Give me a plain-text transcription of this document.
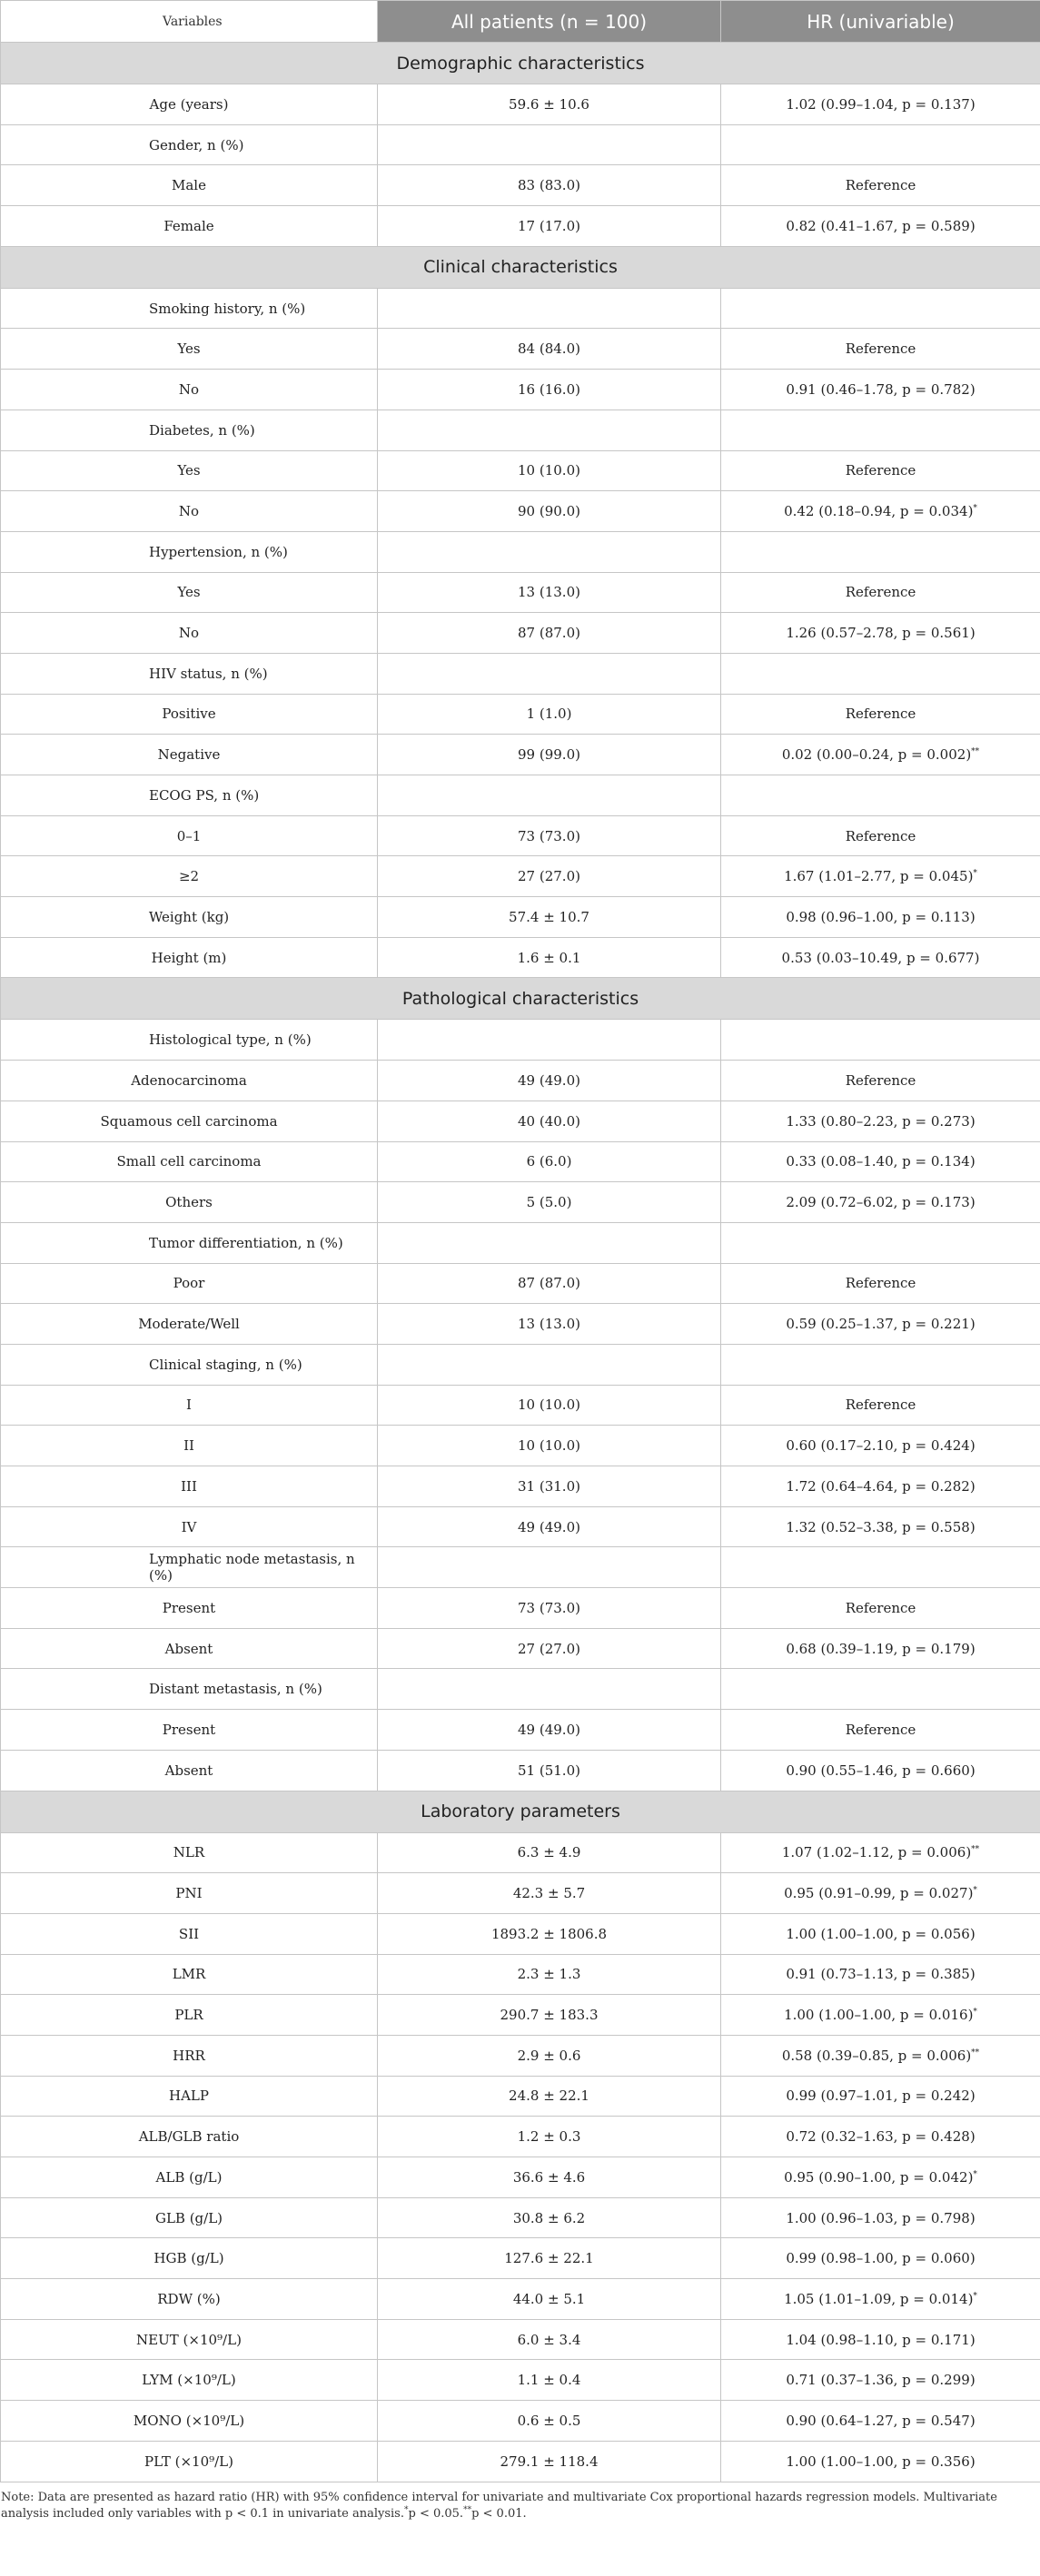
Variables	All patients (n = 100)	HR (univariable)
Demographic characteristics		
Age (years)	59.6 ± 10.6	1.02 (0.99–1.04, p = 0.137)
Gender, n (%)		
Male	83 (83.0)	Reference
Female	17 (17.0)	0.82 (0.41–1.67, p = 0.589)
Clinical characteristics		
Smoking history, n (%)		
Yes	84 (84.0)	Reference
No	16 (16.0)	0.91 (0.46–1.78, p = 0.782)
Diabetes, n (%)		
Yes	10 (10.0)	Reference
No	90 (90.0)	0.42 (0.18–0.94, p = 0.034)*
Hypertension, n (%)		
Yes	13 (13.0)	Reference
No	87 (87.0)	1.26 (0.57–2.78, p = 0.561)
HIV status, n (%)		
Positive	1 (1.0)	Reference
Negative	99 (99.0)	0.02 (0.00–0.24, p = 0.002)**
ECOG PS, n (%)		
0–1	73 (73.0)	Reference
≥2	27 (27.0)	1.67 (1.01–2.77, p = 0.045)*
Weight (kg)	57.4 ± 10.7	0.98 (0.96–1.00, p = 0.113)
Height (m)	1.6 ± 0.1	0.53 (0.03–10.49, p = 0.677)
Pathological characteristics		
Histological type, n (%)		
Adenocarcinoma	49 (49.0)	Reference
Squamous cell carcinoma	40 (40.0)	1.33 (0.80–2.23, p = 0.273)
Small cell carcinoma	6 (6.0)	0.33 (0.08–1.40, p = 0.134)
Others	5 (5.0)	2.09 (0.72–6.02, p = 0.173)
Tumor differentiation, n (%)		
Poor	87 (87.0)	Reference
Moderate/Well	13 (13.0)	0.59 (0.25–1.37, p = 0.221)
Clinical staging, n (%)		
I	10 (10.0)	Reference
II	10 (10.0)	0.60 (0.17–2.10, p = 0.424)
III	31 (31.0)	1.72 (0.64–4.64, p = 0.282)
IV	49 (49.0)	1.32 (0.52–3.38, p = 0.558)
Lymphatic node metastasis, n (%)		
Present	73 (73.0)	Reference
Absent	27 (27.0)	0.68 (0.39–1.19, p = 0.179)
Distant metastasis, n (%)		
Present	49 (49.0)	Reference
Absent	51 (51.0)	0.90 (0.55–1.46, p = 0.660)
Laboratory parameters		
NLR	6.3 ± 4.9	1.07 (1.02–1.12, p = 0.006)**
PNI	42.3 ± 5.7	0.95 (0.91–0.99, p = 0.027)*
SII	1893.2 ± 1806.8	1.00 (1.00–1.00, p = 0.056)
LMR	2.3 ± 1.3	0.91 (0.73–1.13, p = 0.385)
PLR	290.7 ± 183.3	1.00 (1.00–1.00, p = 0.016)*
HRR	2.9 ± 0.6	0.58 (0.39–0.85, p = 0.006)**
HALP	24.8 ± 22.1	0.99 (0.97–1.01, p = 0.242)
ALB/GLB ratio	1.2 ± 0.3	0.72 (0.32–1.63, p = 0.428)
ALB (g/L)	36.6 ± 4.6	0.95 (0.90–1.00, p = 0.042)*
GLB (g/L)	30.8 ± 6.2	1.00 (0.96–1.03, p = 0.798)
HGB (g/L)	127.6 ± 22.1	0.99 (0.98–1.00, p = 0.060)
RDW (%)	44.0 ± 5.1	1.05 (1.01–1.09, p = 0.014)*
NEUT (×10⁹/L)	6.0 ± 3.4	1.04 (0.98–1.10, p = 0.171)
LYM (×10⁹/L)	1.1 ± 0.4	0.71 (0.37–1.36, p = 0.299)
MONO (×10⁹/L)	0.6 ± 0.5	0.90 (0.64–1.27, p = 0.547)
PLT (×10⁹/L)	279.1 ± 118.4	1.00 (1.00–1.00, p = 0.356)
Note: Data are presented as hazard ratio (HR) with 95% confidence interval for univariate and multivariate Cox proportional hazards regression models. Multivariate analysis included only variables with p < 0.1 in univariate analysis.*p < 0.05.**p < 0.01.
